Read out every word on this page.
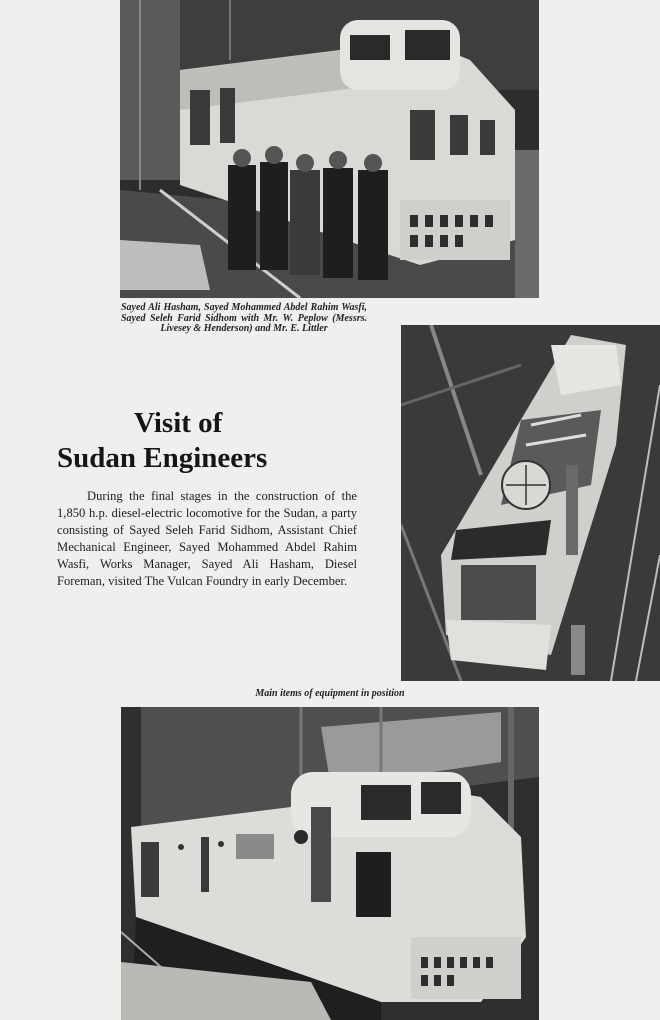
Sayed Ali Hasham, Sayed Mohammed Abdel Rahim Wasfi, Sayed Seleh Farid Sidhom with Mr. W. Peplow (Messrs. Livesey & Henderson) and Mr. E. Littler

Main items of equipment in position

Visit of
Sudan Engineers

During the final stages in the construction of the 1,850 h.p. diesel-electric locomotive for the Sudan, a party consisting of Sayed Seleh Farid Sidhom, Assistant Chief Mechanical Engineer, Sayed Mohammed Abdel Rahim Wasfi, Works Manager, Sayed Ali Hasham, Diesel Foreman, visited The Vulcan Foundry in early December.
